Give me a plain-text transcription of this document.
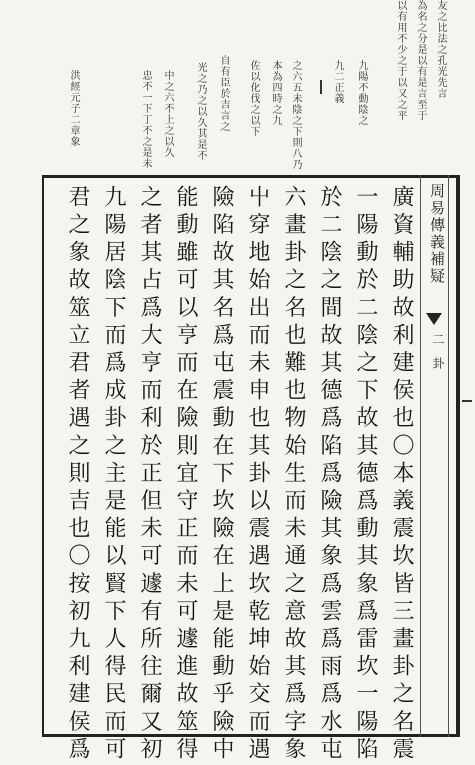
友之比法之孔光先言
為名之分是以有是言至于
以有用不少之于以又之平
九陽不動陰之
九二正義
之六五未陰之下則八乃
本為四時之九
佐以化伐之以下
自有臣於吉言之
光之乃之以久其是不
中之六不上之以久
忠不一下丁不之是未
洪經元子二章象
周易傳義補疑
二
卦
廣資輔助故利建侯也〇本義震坎皆三畫卦之名震
一陽動於二陰之下故其德爲動其象爲雷坎一陽陷
於二陰之間故其德爲陷爲險其象爲雲爲雨爲水屯
六畫卦之名也難也物始生而未通之意故其爲字象
屮穿地始出而未申也其卦以震遇坎乾坤始交而遇
險陷故其名爲屯震動在下坎險在上是能動乎險中
能動雖可以亨而在險則宜守正而未可遽進故筮得
之者其占爲大亨而利於正但未可遽有所往爾又初
九陽居陰下而爲成卦之主是能以賢下人得民而可
君之象故筮立君者遇之則吉也〇按初九利建侯爲
